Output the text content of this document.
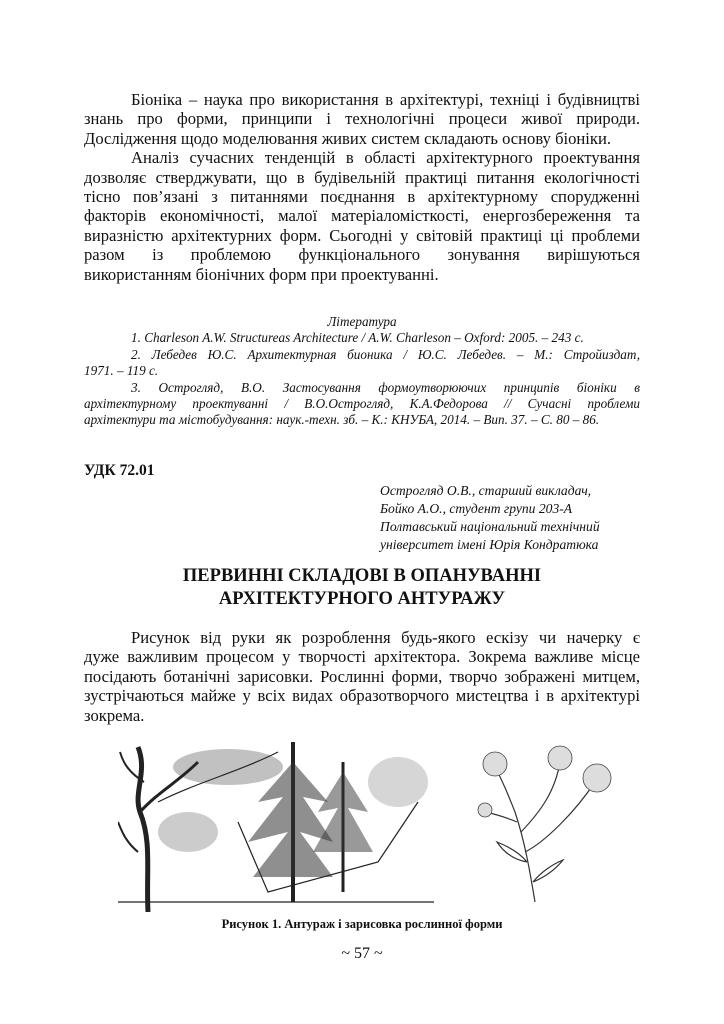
Біоніка – наука про використання в архітектурі, техніці і будівництві
знань про форми, принципи і технологічні процеси живої природи.
Дослідження щодо моделювання живих систем складають основу біоніки.
Аналіз сучасних тенденцій в області архітектурного проектування
дозволяє стверджувати, що в будівельній практиці питання екологічності
тісно пов’язані з питаннями поєднання в архітектурному спорудженні
факторів економічності, малої матеріаломісткості, енергозбереження та
виразністю архітектурних форм. Сьогодні у світовій практиці ці проблеми
разом із проблемою функціонального зонування вирішуються
використанням біонічних форм при проектуванні.
Література
1. Charleson A.W. Structureas Architecture / A.W. Charleson – Oxford: 2005. – 243 с.
2. Лебедев Ю.С. Архитектурная бионика / Ю.С. Лебедев. – М.: Стройиздат,
1971. – 119 с.
3. Острогляд, В.О. Застосування формоутворюючих принципів біоніки в
архітектурному проектуванні / В.О.Острогляд, К.А.Федорова // Сучасні проблеми
архітектури та містобудування: наук.-техн. зб. – К.: КНУБА, 2014. – Вип. 37. – С. 80 – 86.
УДК 72.01
Острогляд О.В., старший викладач,
Бойко А.О., студент групи 203-А
Полтавський національний технічний
університет імені Юрія Кондратюка
ПЕРВИННІ СКЛАДОВІ В ОПАНУВАННІ
АРХІТЕКТУРНОГО АНТУРАЖУ
Рисунок від руки як розроблення будь-якого ескізу чи начерку є
дуже важливим процесом у творчості архітектора. Зокрема важливе місце
посідають ботанічні зарисовки. Рослинні форми, творчо зображені митцем,
зустрічаються майже у всіх видах образотворчого мистецтва і в архітектурі
зокрема.
Рисунок 1. Антураж і зарисовка рослинної форми
~ 57 ~
